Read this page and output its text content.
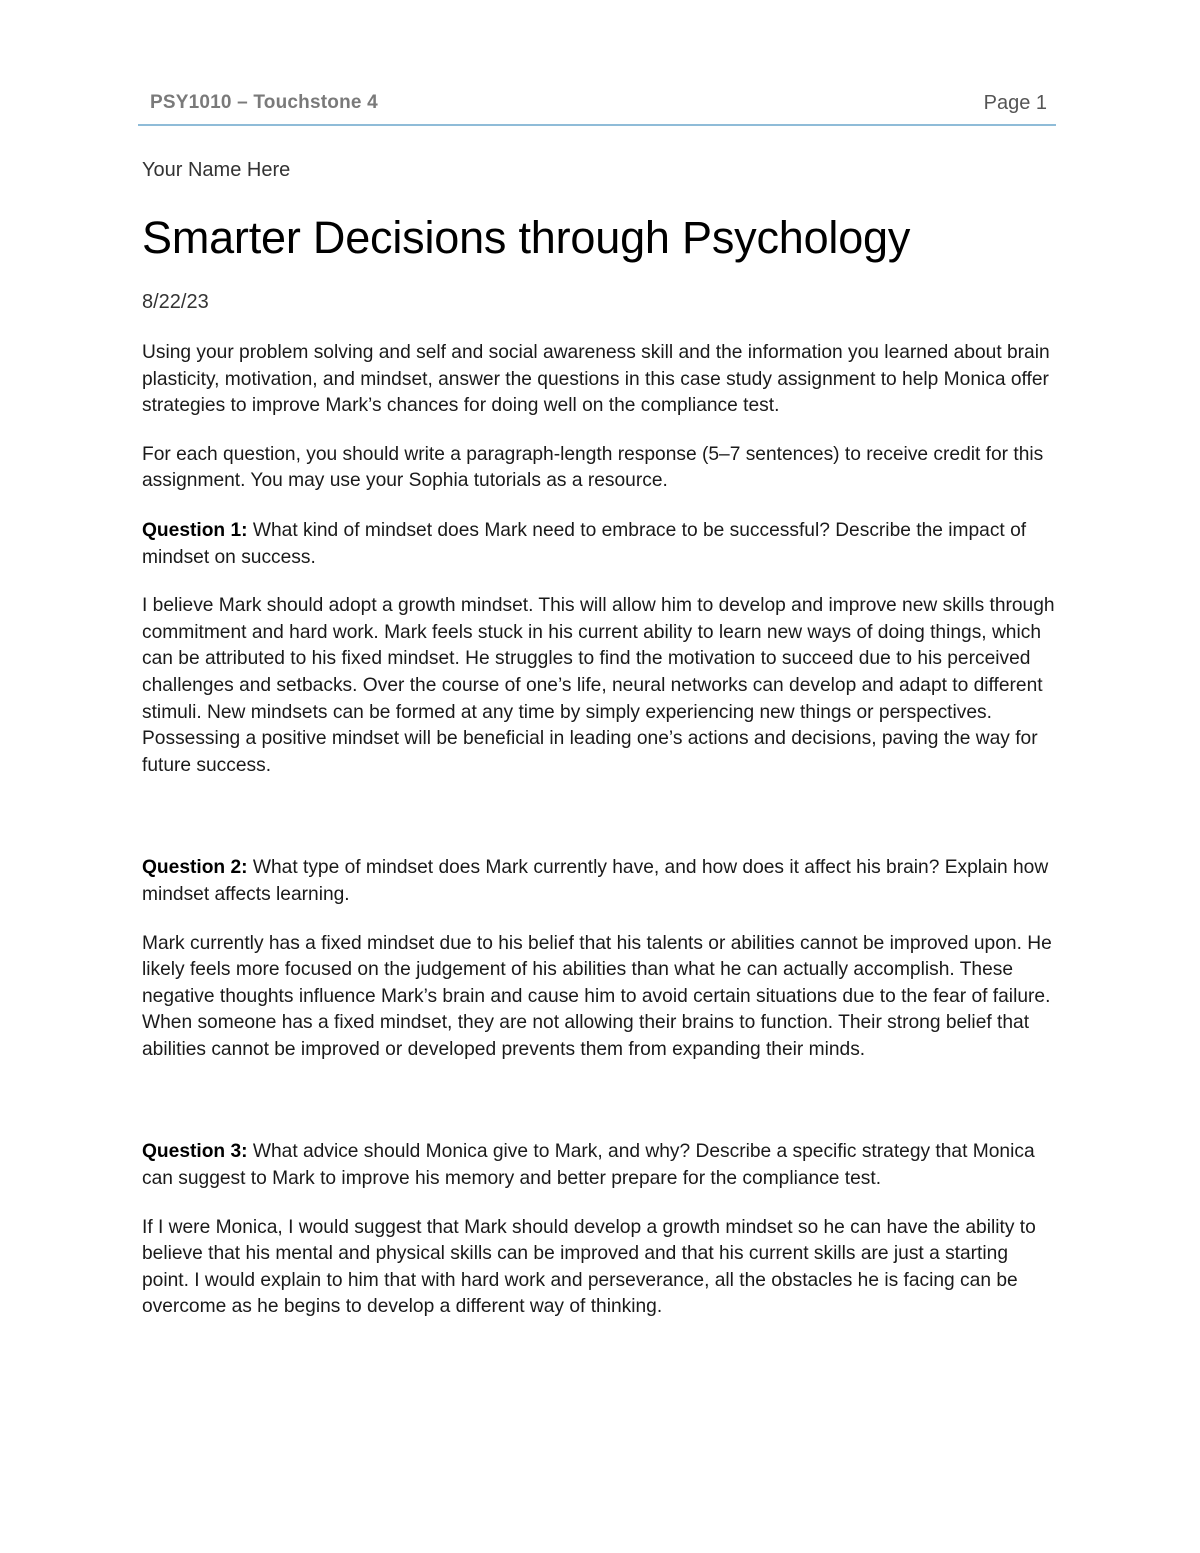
PSY1010 – Touchstone 4	Page 1

Your Name Here

Smarter Decisions through Psychology

8/22/23

Using your problem solving and self and social awareness skill and the information you learned about brain plasticity, motivation, and mindset, answer the questions in this case study assignment to help Monica offer strategies to improve Mark’s chances for doing well on the compliance test.

For each question, you should write a paragraph-length response (5–7 sentences) to receive credit for this assignment. You may use your Sophia tutorials as a resource.

Question 1: What kind of mindset does Mark need to embrace to be successful? Describe the impact of mindset on success.

I believe Mark should adopt a growth mindset. This will allow him to develop and improve new skills through commitment and hard work. Mark feels stuck in his current ability to learn new ways of doing things, which can be attributed to his fixed mindset. He struggles to find the motivation to succeed due to his perceived challenges and setbacks. Over the course of one’s life, neural networks can develop and adapt to different stimuli. New mindsets can be formed at any time by simply experiencing new things or perspectives. Possessing a positive mindset will be beneficial in leading one’s actions and decisions, paving the way for future success.

Question 2: What type of mindset does Mark currently have, and how does it affect his brain? Explain how mindset affects learning.

Mark currently has a fixed mindset due to his belief that his talents or abilities cannot be improved upon. He likely feels more focused on the judgement of his abilities than what he can actually accomplish. These negative thoughts influence Mark’s brain and cause him to avoid certain situations due to the fear of failure. When someone has a fixed mindset, they are not allowing their brains to function. Their strong belief that abilities cannot be improved or developed prevents them from expanding their minds.

Question 3: What advice should Monica give to Mark, and why? Describe a specific strategy that Monica can suggest to Mark to improve his memory and better prepare for the compliance test.

If I were Monica, I would suggest that Mark should develop a growth mindset so he can have the ability to believe that his mental and physical skills can be improved and that his current skills are just a starting point. I would explain to him that with hard work and perseverance, all the obstacles he is facing can be overcome as he begins to develop a different way of thinking.
